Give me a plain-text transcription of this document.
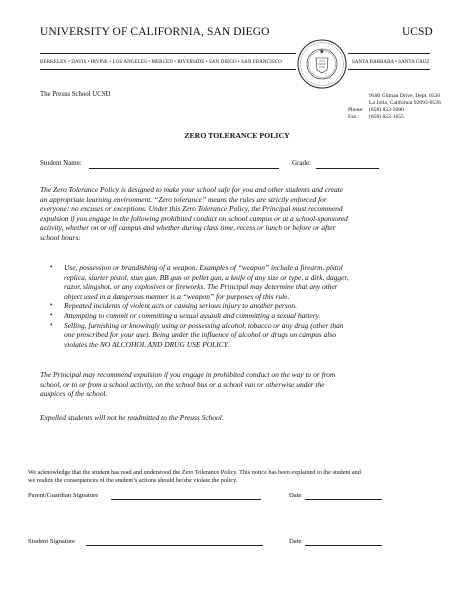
UNIVERSITY OF CALIFORNIA, SAN DIEGO	UCSD
BERKELEY • DAVIS • IRVINE • LOS ANGELES • MERCED • RIVERSIDE • SAN DIEGO • SAN FRANCISCO	SANTA BARBARA • SANTA CRUZ
The Preuss School UCSD	9500 Gilman Drive, Dept. 0536
La Jolla, California 92093-0536
Phone: (858) 822-3000
Fax: (858) 822-1655
ZERO TOLERANCE POLICY
Student Name:	Grade:
The Zero Tolerance Policy is designed to make your school safe for you and other students and create
an appropriate learning environment. “Zero tolerance” means the rules are strictly enforced for
everyone: no excuses or exceptions. Under this Zero Tolerance Policy, the Principal must recommend
expulsion if you engage in the following prohibited conduct on school campus or at a school-sponsored
activity, whether on or off campus and whether during class time, recess or lunch or before or after
school hours:
• Use, possession or brandishing of a weapon. Examples of “weapon” include a firearm, pistol
replica, starter pistol, stun gun, BB gun or pellet gun, a knife of any size or type, a dirk, dagger,
razor, slingshot, or any explosives or fireworks. The Principal may determine that any other
object used in a dangerous manner is a “weapon” for purposes of this rule.
• Repeated incidents of violent acts or causing serious injury to another person.
• Attempting to commit or committing a sexual assault and committing a sexual battery.
• Selling, furnishing or knowingly using or possessing alcohol, tobacco or any drug (other than
one prescribed for your use). Being under the influence of alcohol or drugs on campus also
violates the NO ALCOHOL AND DRUG USE POLICY.
The Principal may recommend expulsion if you engage in prohibited conduct on the way to or from
school, or to or from a school activity, on the school bus or a school van or otherwise under the
auspices of the school.
Expelled students will not be readmitted to the Preuss School.
We acknowledge that the student has read and understood the Zero Tolerance Policy. This notice has been explained to the student and
we realize the consequences of the student’s actions should he/she violate the policy.
Parent/Guardian Signature	Date
Student Signature	Date
